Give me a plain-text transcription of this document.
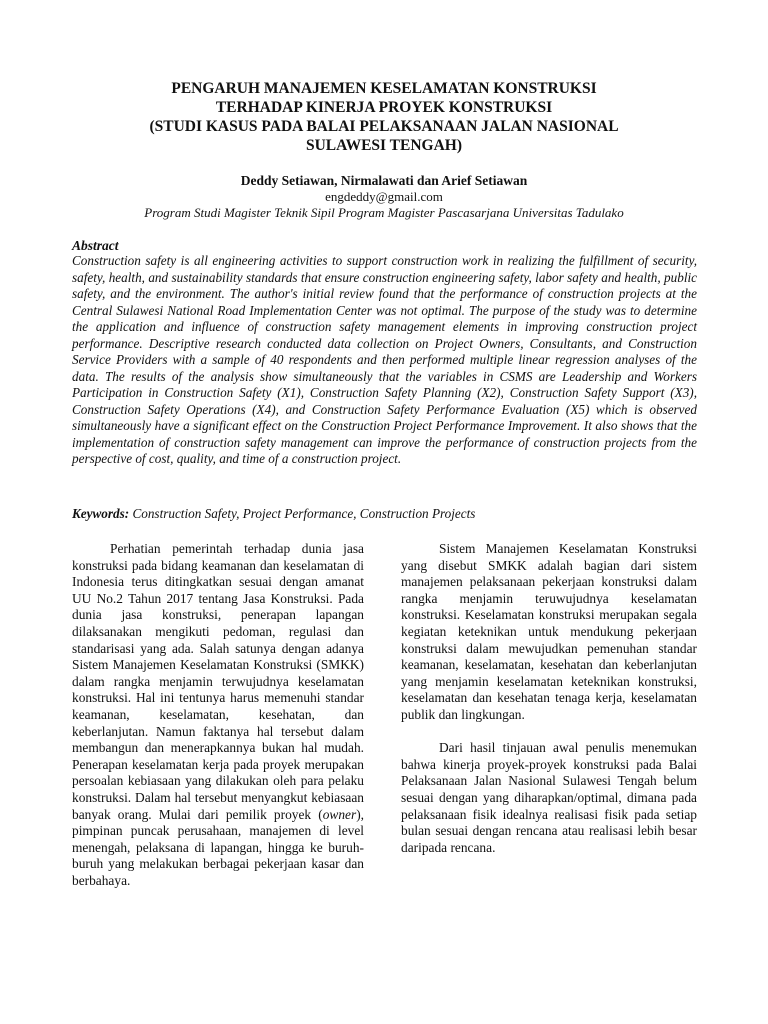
PENGARUH MANAJEMEN KESELAMATAN KONSTRUKSI
TERHADAP KINERJA PROYEK KONSTRUKSI
(STUDI KASUS PADA BALAI PELAKSANAAN JALAN NASIONAL
SULAWESI TENGAH)
Deddy Setiawan, Nirmalawati dan Arief Setiawan
engdeddy@gmail.com
Program Studi Magister Teknik Sipil Program Magister Pascasarjana Universitas Tadulako
Abstract

Construction safety is all engineering activities to support construction work in realizing the fulfillment of security, safety, health, and sustainability standards that ensure construction engineering safety, labor safety and health, public safety, and the environment. The author's initial review found that the performance of construction projects at the Central Sulawesi National Road Implementation Center was not optimal. The purpose of the study was to determine the application and influence of construction safety management elements in improving construction project performance. Descriptive research conducted data collection on Project Owners, Consultants, and Construction Service Providers with a sample of 40 respondents and then performed multiple linear regression analyses of the data. The results of the analysis show simultaneously that the variables in CSMS are Leadership and Workers Participation in Construction Safety (X1), Construction Safety Planning (X2), Construction Safety Support (X3), Construction Safety Operations (X4), and Construction Safety Performance Evaluation (X5) which is observed simultaneously have a significant effect on the Construction Project Performance Improvement. It also shows that the implementation of construction safety management can improve the performance of construction projects from the perspective of cost, quality, and time of a construction project.

Keywords: Construction Safety, Project Performance, Construction Projects

Perhatian pemerintah terhadap dunia jasa konstruksi pada bidang keamanan dan keselamatan di Indonesia terus ditingkatkan sesuai dengan amanat UU No.2 Tahun 2017 tentang Jasa Konstruksi. Pada dunia jasa konstruksi, penerapan lapangan dilaksanakan mengikuti pedoman, regulasi dan standarisasi yang ada. Salah satunya dengan adanya Sistem Manajemen Keselamatan Konstruksi (SMKK) dalam rangka menjamin terwujudnya keselamatan konstruksi. Hal ini tentunya harus memenuhi standar keamanan, keselamatan, kesehatan, dan keberlanjutan. Namun faktanya hal tersebut dalam membangun dan menerapkannya bukan hal mudah. Penerapan keselamatan kerja pada proyek merupakan persoalan kebiasaan yang dilakukan oleh para pelaku konstruksi. Dalam hal tersebut menyangkut kebiasaan banyak orang. Mulai dari pemilik proyek (owner), pimpinan puncak perusahaan, manajemen di level menengah, pelaksana di lapangan, hingga ke buruh-buruh yang melakukan berbagai pekerjaan kasar dan berbahaya.

Sistem Manajemen Keselamatan Konstruksi yang disebut SMKK adalah bagian dari sistem manajemen pelaksanaan pekerjaan konstruksi dalam rangka menjamin teruwujudnya keselamatan konstruksi. Keselamatan konstruksi merupakan segala kegiatan keteknikan untuk mendukung pekerjaan konstruksi dalam mewujudkan pemenuhan standar keamanan, keselamatan, kesehatan dan keberlanjutan yang menjamin keselamatan keteknikan konstruksi, keselamatan dan kesehatan tenaga kerja, keselamatan publik dan lingkungan.

Dari hasil tinjauan awal penulis menemukan bahwa kinerja proyek-proyek konstruksi pada Balai Pelaksanaan Jalan Nasional Sulawesi Tengah belum sesuai dengan yang diharapkan/optimal, dimana pada pelaksanaan fisik idealnya realisasi fisik pada setiap bulan sesuai dengan rencana atau realisasi lebih besar daripada rencana.
